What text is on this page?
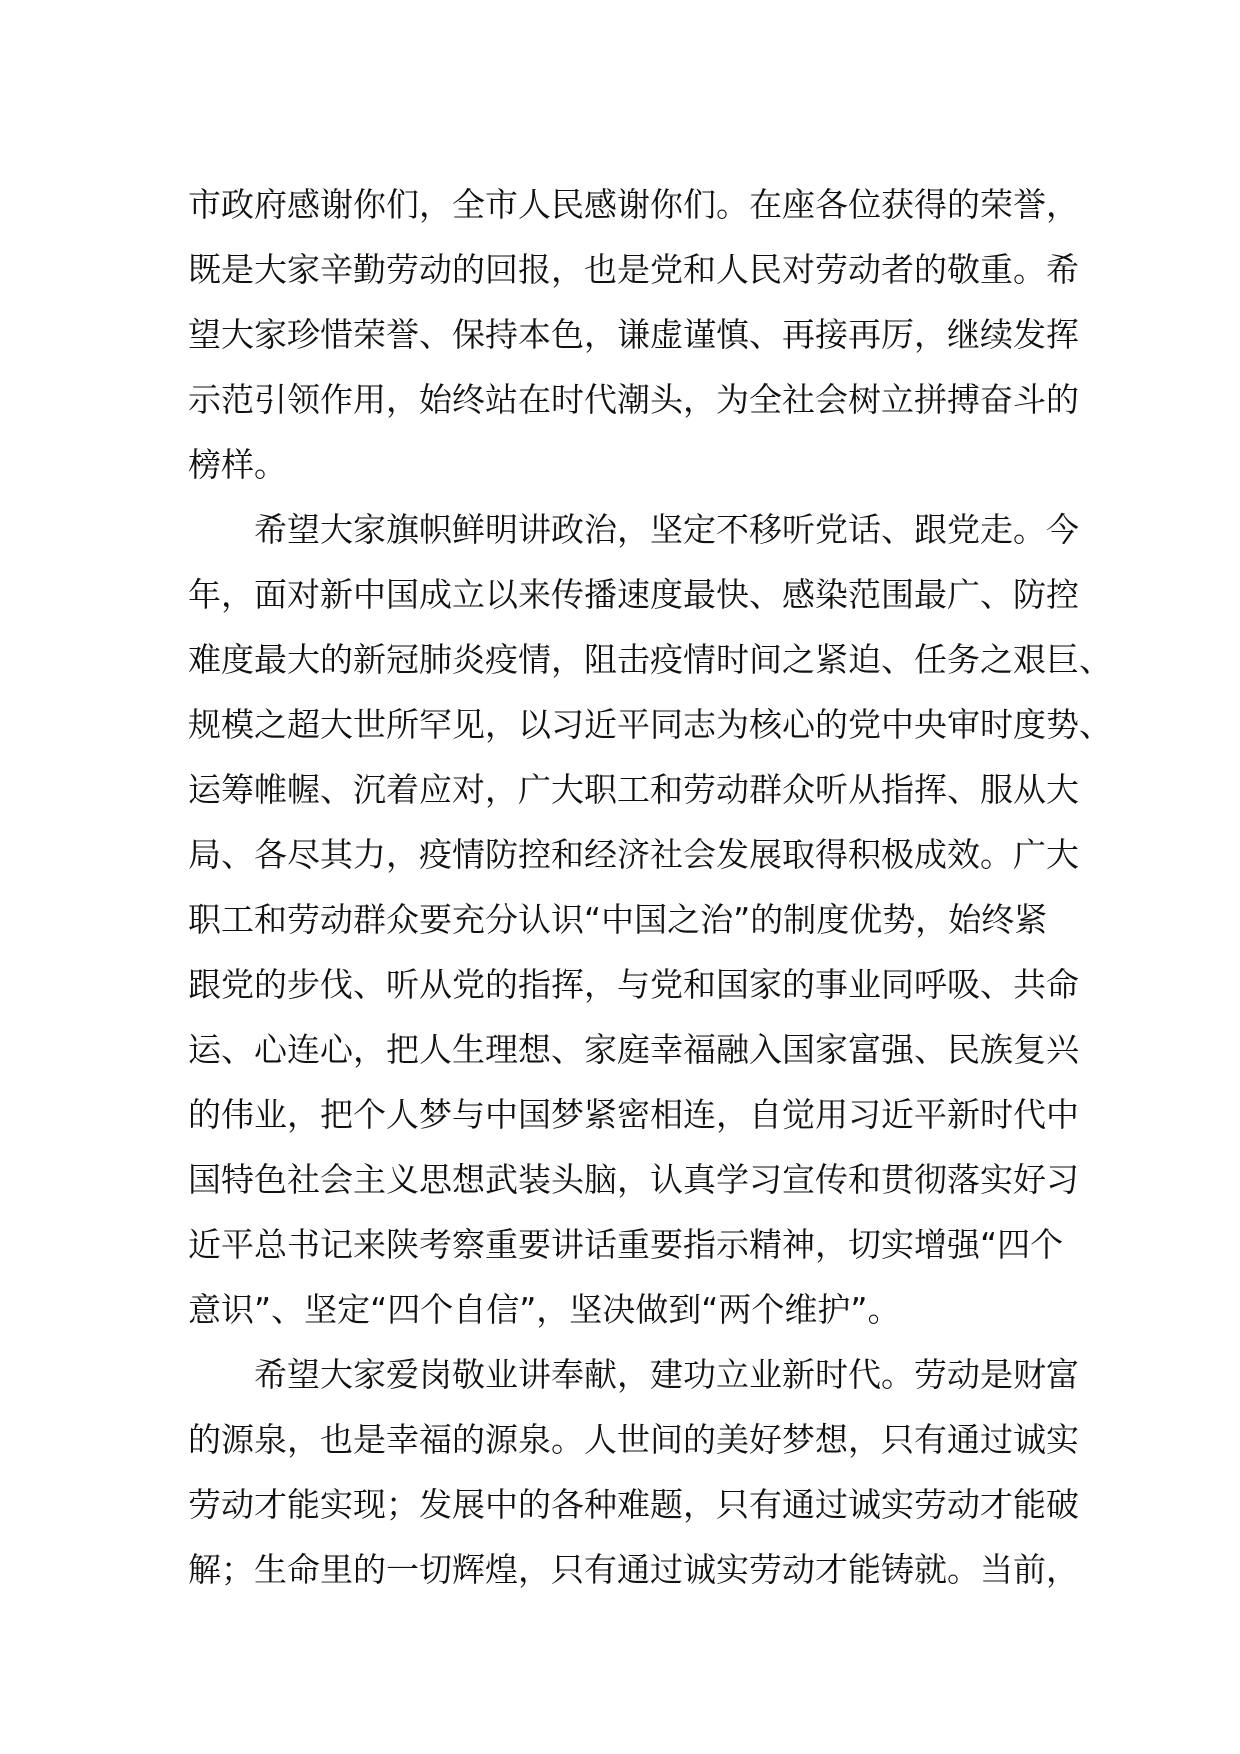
市政府感谢你们，全市人民感谢你们。在座各位获得的荣誉，
既是大家辛勤劳动的回报，也是党和人民对劳动者的敬重。希
望大家珍惜荣誉、保持本色，谦虚谨慎、再接再厉，继续发挥
示范引领作用，始终站在时代潮头，为全社会树立拼搏奋斗的
榜样。
希望大家旗帜鲜明讲政治，坚定不移听党话、跟党走。今
年，面对新中国成立以来传播速度最快、感染范围最广、防控
难度最大的新冠肺炎疫情，阻击疫情时间之紧迫、任务之艰巨、
规模之超大世所罕见，以习近平同志为核心的党中央审时度势、
运筹帷幄、沉着应对，广大职工和劳动群众听从指挥、服从大
局、各尽其力，疫情防控和经济社会发展取得积极成效。广大
职工和劳动群众要充分认识“中国之治”的制度优势，始终紧
跟党的步伐、听从党的指挥，与党和国家的事业同呼吸、共命
运、心连心，把人生理想、家庭幸福融入国家富强、民族复兴
的伟业，把个人梦与中国梦紧密相连，自觉用习近平新时代中
国特色社会主义思想武装头脑，认真学习宣传和贯彻落实好习
近平总书记来陕考察重要讲话重要指示精神，切实增强“四个
意识”、坚定“四个自信”，坚决做到“两个维护”。
希望大家爱岗敬业讲奉献，建功立业新时代。劳动是财富
的源泉，也是幸福的源泉。人世间的美好梦想，只有通过诚实
劳动才能实现；发展中的各种难题，只有通过诚实劳动才能破
解；生命里的一切辉煌，只有通过诚实劳动才能铸就。当前，
